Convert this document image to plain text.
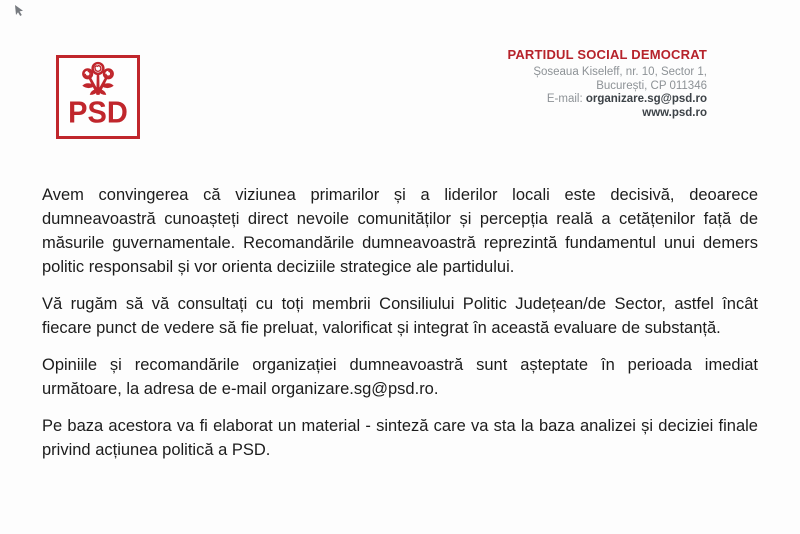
PSD
PARTIDUL SOCIAL DEMOCRAT
Șoseaua Kiseleff, nr. 10, Sector 1,
București, CP 011346
E-mail: organizare.sg@psd.ro
www.psd.ro
Avem convingerea că viziunea primarilor și a liderilor locali este decisivă, deoarece
dumneavoastră cunoașteți direct nevoile comunităților și percepția reală a cetățenilor față de
măsurile guvernamentale. Recomandările dumneavoastră reprezintă fundamentul unui demers
politic responsabil și vor orienta deciziile strategice ale partidului.
Vă rugăm să vă consultați cu toți membrii Consiliului Politic Județean/de Sector, astfel încât
fiecare punct de vedere să fie preluat, valorificat și integrat în această evaluare de substanță.
Opiniile și recomandările organizației dumneavoastră sunt așteptate în perioada imediat
următoare, la adresa de e-mail organizare.sg@psd.ro.
Pe baza acestora va fi elaborat un material - sinteză care va sta la baza analizei și deciziei finale
privind acțiunea politică a PSD.
